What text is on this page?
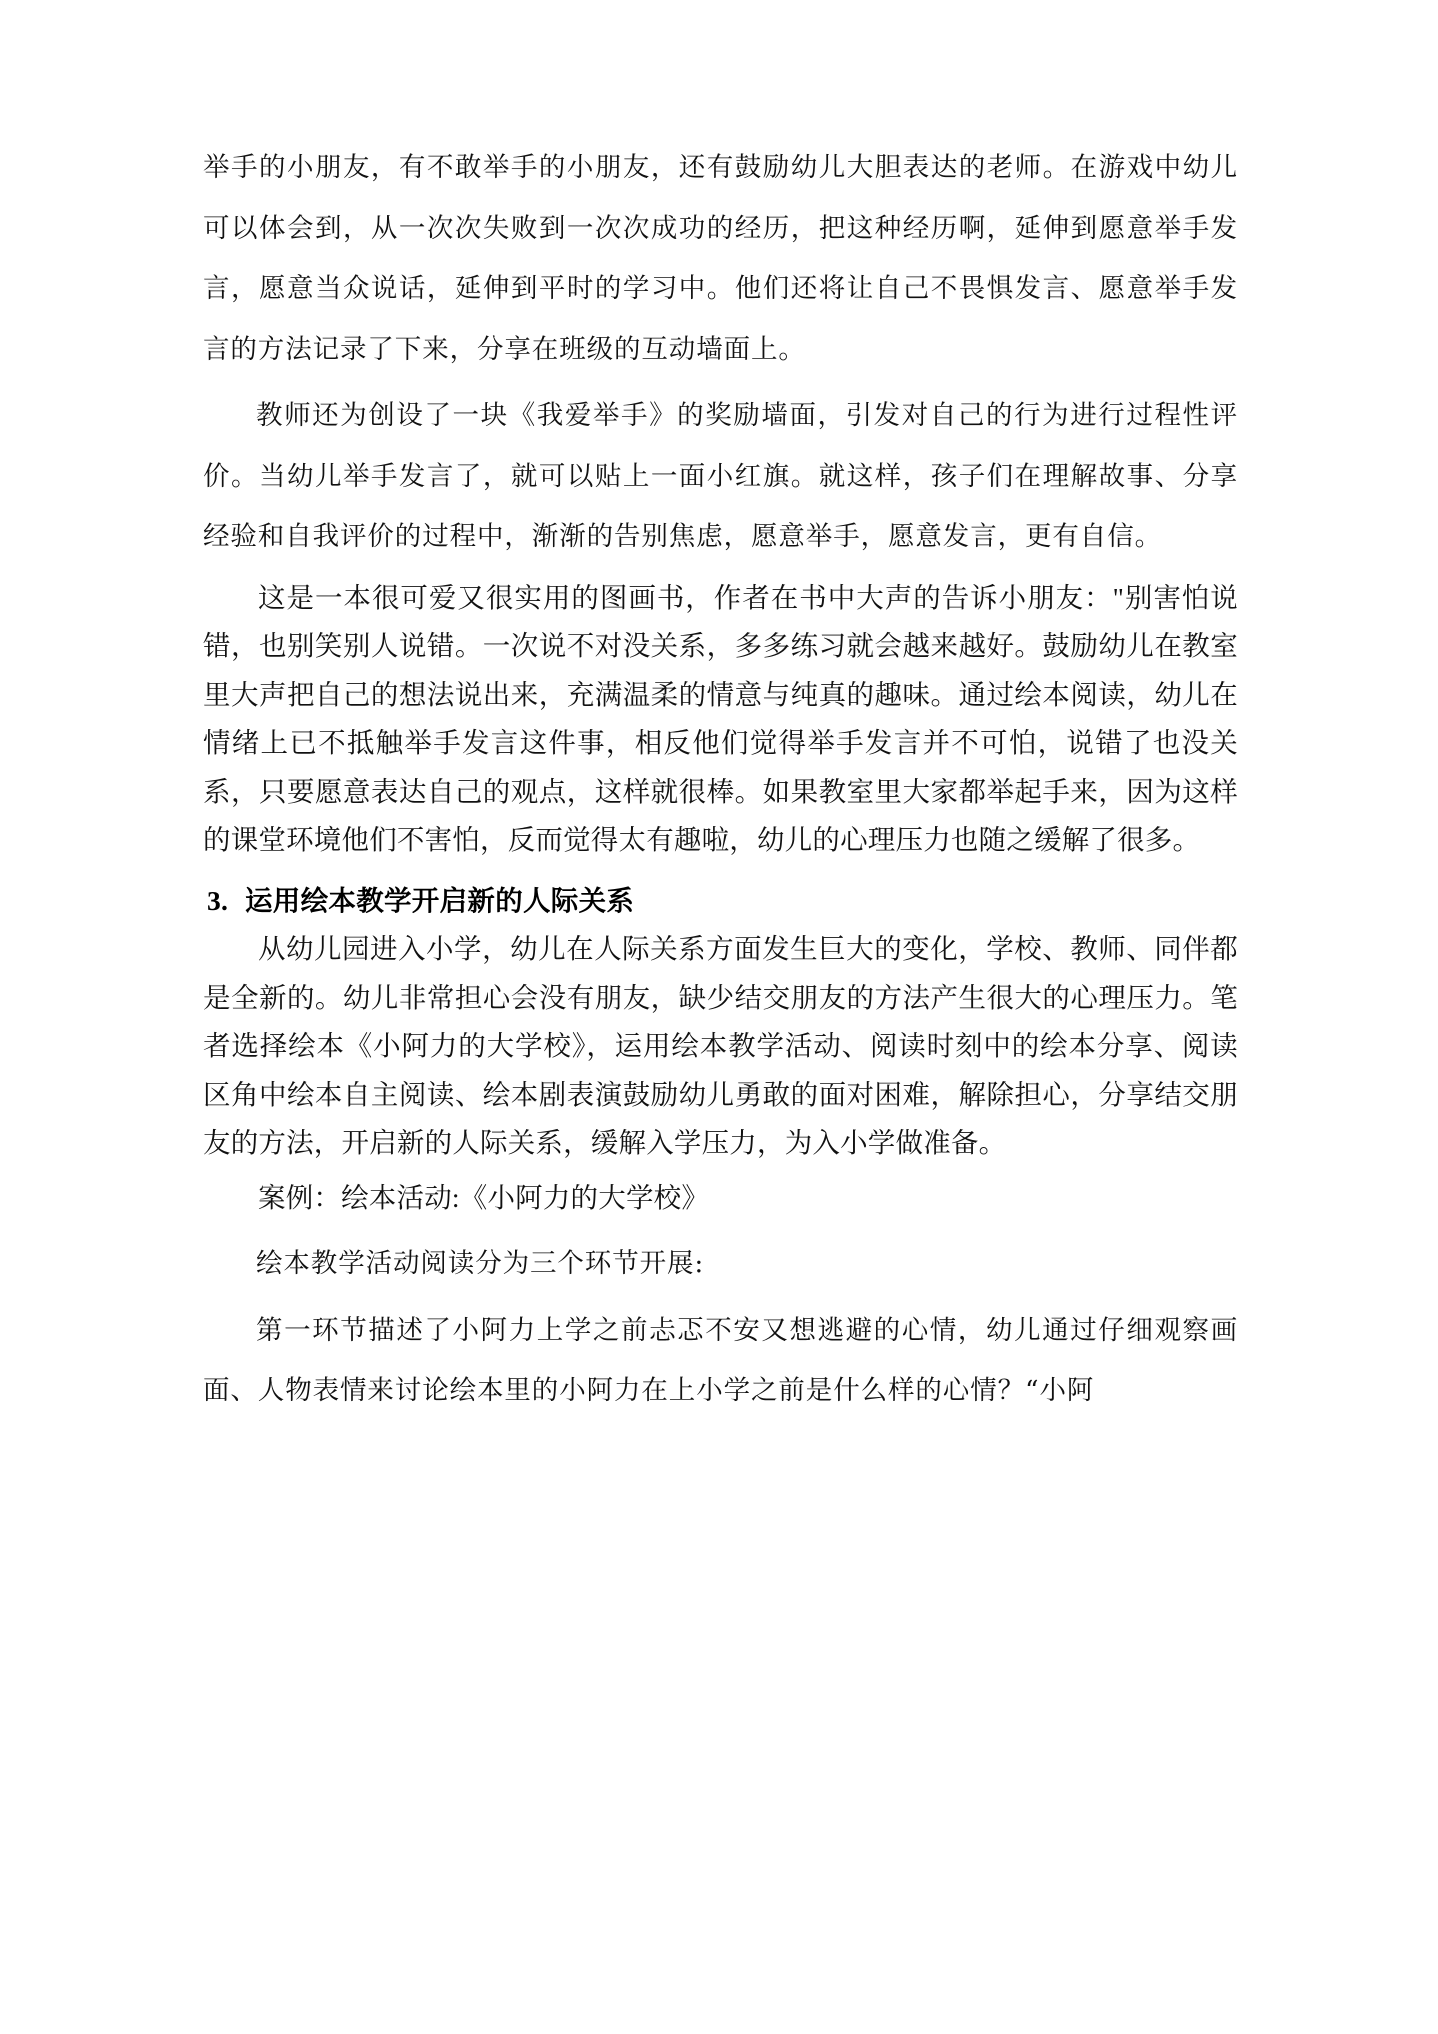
举手的小朋友，有不敢举手的小朋友，还有鼓励幼儿大胆表达的老师。在游戏中幼儿可以体会到，从一次次失败到一次次成功的经历，把这种经历啊，延伸到愿意举手发言，愿意当众说话，延伸到平时的学习中。他们还将让自己不畏惧发言、愿意举手发言的方法记录了下来，分享在班级的互动墙面上。

教师还为创设了一块《我爱举手》的奖励墙面，引发对自己的行为进行过程性评价。当幼儿举手发言了，就可以贴上一面小红旗。就这样，孩子们在理解故事、分享经验和自我评价的过程中，渐渐的告别焦虑，愿意举手，愿意发言，更有自信。

这是一本很可爱又很实用的图画书，作者在书中大声的告诉小朋友："别害怕说错，也别笑别人说错。一次说不对没关系，多多练习就会越来越好。鼓励幼儿在教室里大声把自己的想法说出来，充满温柔的情意与纯真的趣味。通过绘本阅读，幼儿在情绪上已不抵触举手发言这件事，相反他们觉得举手发言并不可怕，说错了也没关系，只要愿意表达自己的观点，这样就很棒。如果教室里大家都举起手来，因为这样的课堂环境他们不害怕，反而觉得太有趣啦，幼儿的心理压力也随之缓解了很多。

3. 运用绘本教学开启新的人际关系

从幼儿园进入小学，幼儿在人际关系方面发生巨大的变化，学校、教师、同伴都是全新的。幼儿非常担心会没有朋友，缺少结交朋友的方法产生很大的心理压力。笔者选择绘本《小阿力的大学校》，运用绘本教学活动、阅读时刻中的绘本分享、阅读区角中绘本自主阅读、绘本剧表演鼓励幼儿勇敢的面对困难，解除担心，分享结交朋友的方法，开启新的人际关系，缓解入学压力，为入小学做准备。

案例：绘本活动:《小阿力的大学校》

绘本教学活动阅读分为三个环节开展:

第一环节描述了小阿力上学之前忐忑不安又想逃避的心情，幼儿通过仔细观察画面、人物表情来讨论绘本里的小阿力在上小学之前是什么样的心情？“小阿
